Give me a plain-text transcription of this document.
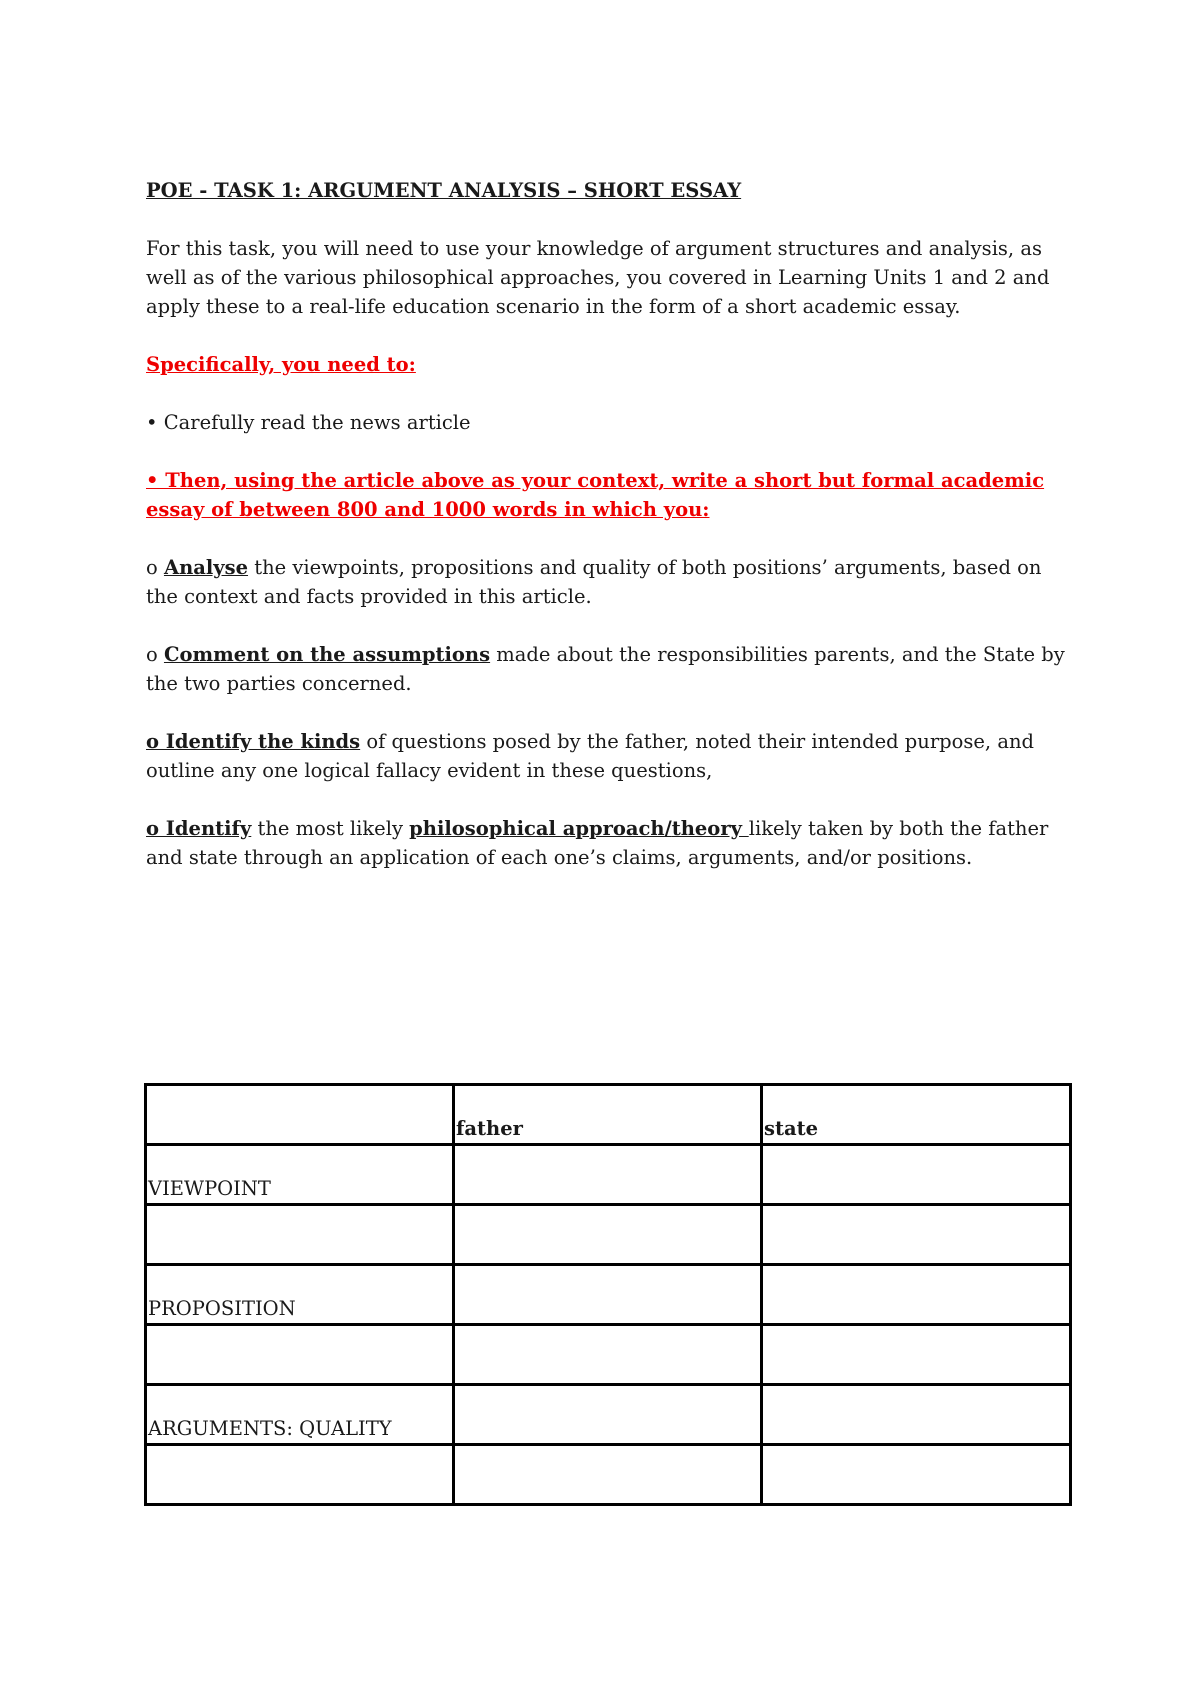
POE - TASK 1: ARGUMENT ANALYSIS – SHORT ESSAY

For this task, you will need to use your knowledge of argument structures and analysis, as well as of the various philosophical approaches, you covered in Learning Units 1 and 2 and apply these to a real-life education scenario in the form of a short academic essay.

Specifically, you need to:

• Carefully read the news article

• Then, using the article above as your context, write a short but formal academic essay of between 800 and 1000 words in which you:

o Analyse the viewpoints, propositions and quality of both positions’ arguments, based on the context and facts provided in this article.

o Comment on the assumptions made about the responsibilities parents, and the State by the two parties concerned.

o Identify the kinds of questions posed by the father, noted their intended purpose, and outline any one logical fallacy evident in these questions,

o Identify the most likely philosophical approach/theory likely taken by both the father and state through an application of each one’s claims, arguments, and/or positions.

	father	state

VIEWPOINT		

PROPOSITION		

ARGUMENTS: QUALITY		
